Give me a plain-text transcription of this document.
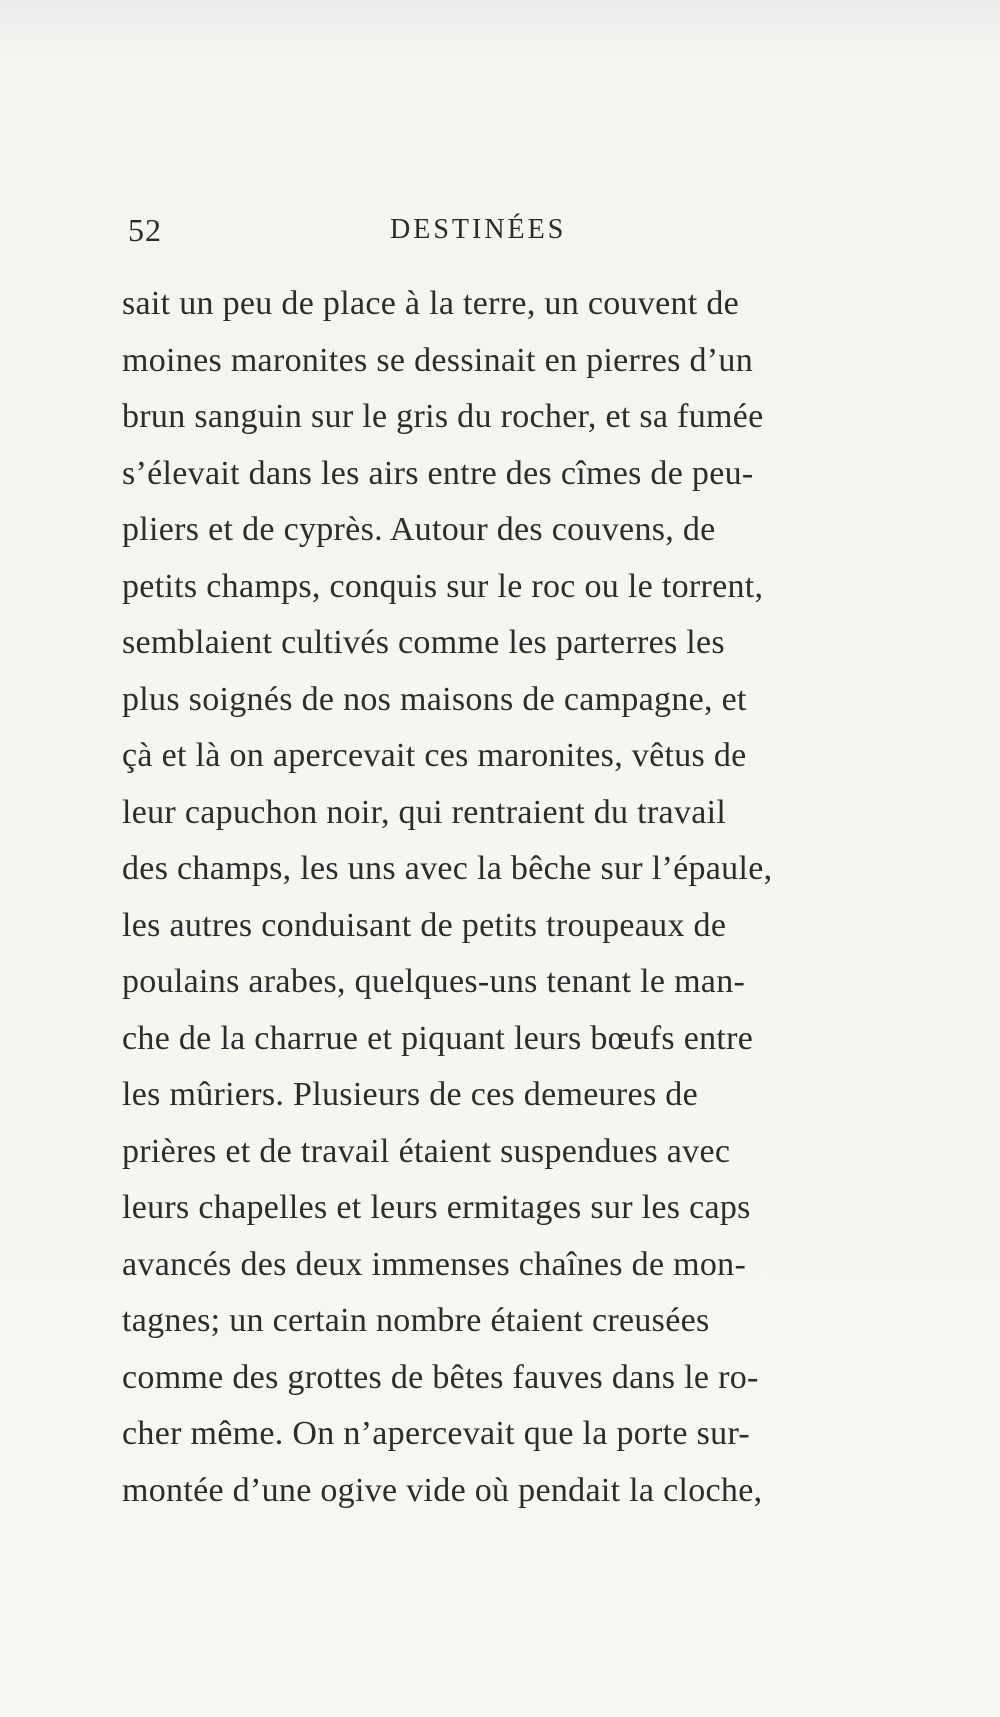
52	DESTINÉES
sait un peu de place à la terre, un couvent de
moines maronites se dessinait en pierres d’un
brun sanguin sur le gris du rocher, et sa fumée
s’élevait dans les airs entre des cîmes de peu-
pliers et de cyprès. Autour des couvens, de
petits champs, conquis sur le roc ou le torrent,
semblaient cultivés comme les parterres les
plus soignés de nos maisons de campagne, et
çà et là on apercevait ces maronites, vêtus de
leur capuchon noir, qui rentraient du travail
des champs, les uns avec la bêche sur l’épaule,
les autres conduisant de petits troupeaux de
poulains arabes, quelques-uns tenant le man-
che de la charrue et piquant leurs bœufs entre
les mûriers. Plusieurs de ces demeures de
prières et de travail étaient suspendues avec
leurs chapelles et leurs ermitages sur les caps
avancés des deux immenses chaînes de mon-
tagnes; un certain nombre étaient creusées
comme des grottes de bêtes fauves dans le ro-
cher même. On n’apercevait que la porte sur-
montée d’une ogive vide où pendait la cloche,
